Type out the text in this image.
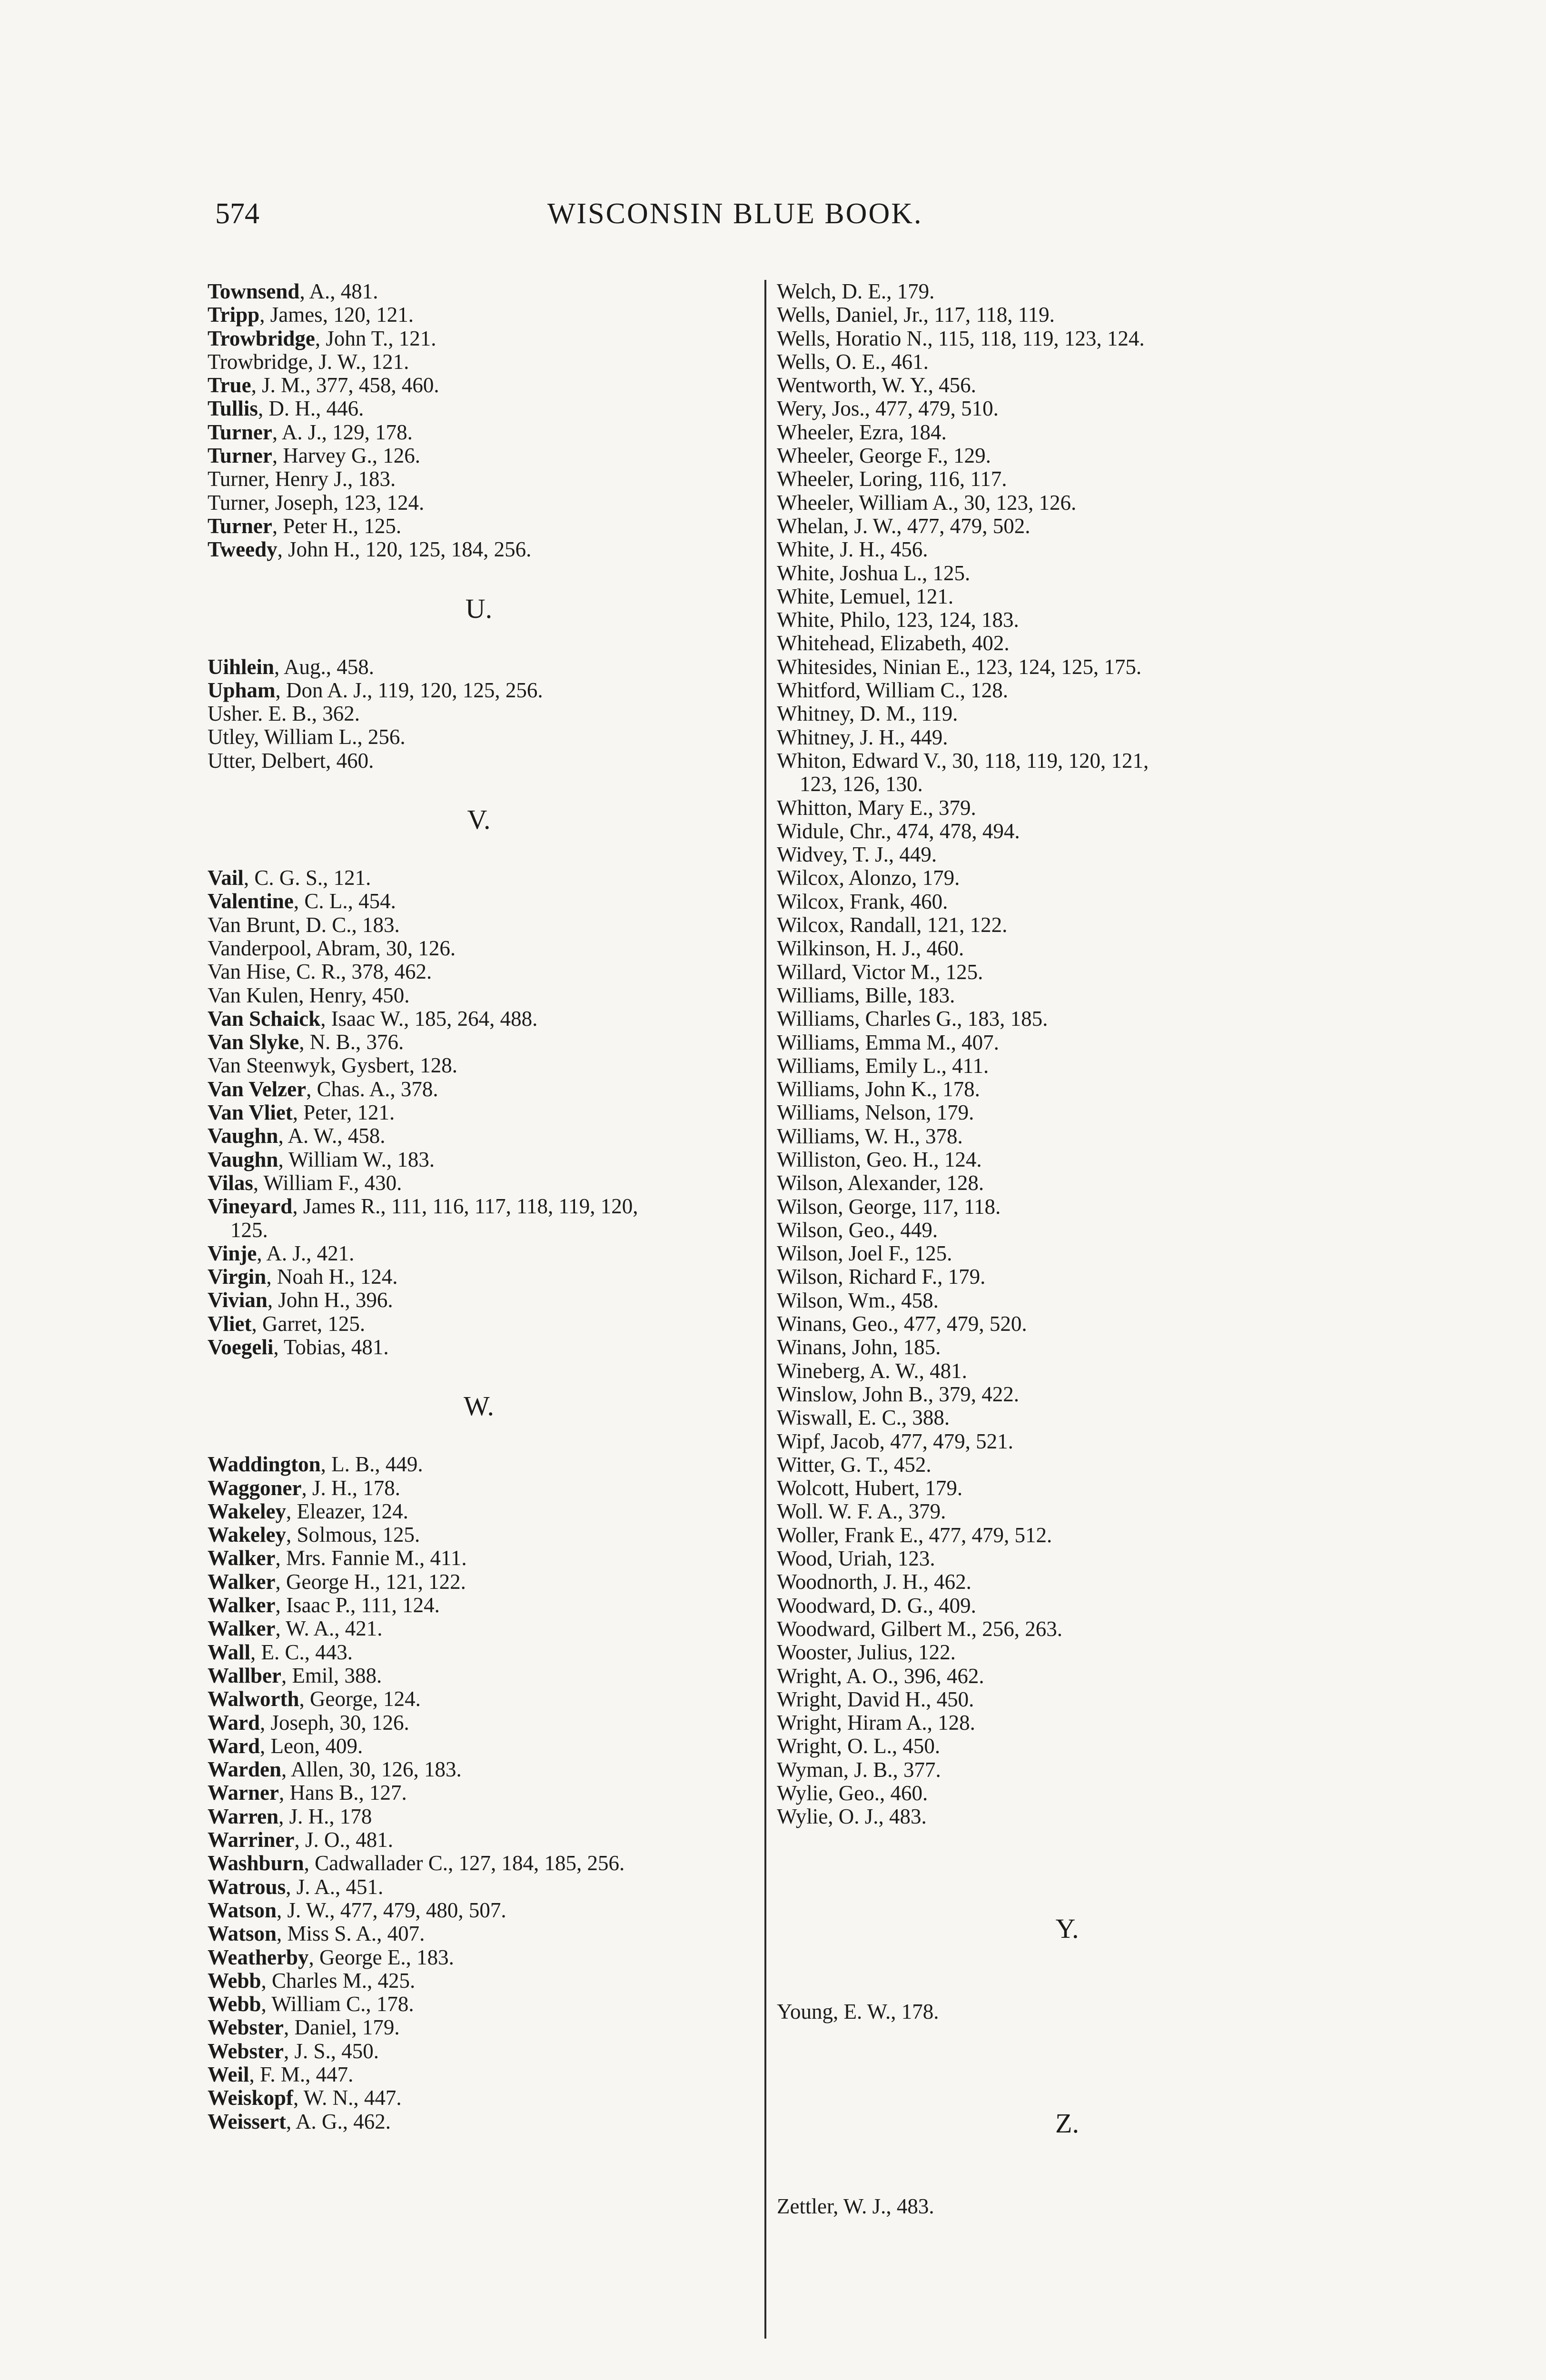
574	WISCONSIN BLUE BOOK.
Townsend, A., 481.
Tripp, James, 120, 121.
Trowbridge, John T., 121.
Trowbridge, J. W., 121.
True, J. M., 377, 458, 460.
Tullis, D. H., 446.
Turner, A. J., 129, 178.
Turner, Harvey G., 126.
Turner, Henry J., 183.
Turner, Joseph, 123, 124.
Turner, Peter H., 125.
Tweedy, John H., 120, 125, 184, 256.
U.
Uihlein, Aug., 458.
Upham, Don A. J., 119, 120, 125, 256.
Usher. E. B., 362.
Utley, William L., 256.
Utter, Delbert, 460.
V.
Vail, C. G. S., 121.
Valentine, C. L., 454.
Van Brunt, D. C., 183.
Vanderpool, Abram, 30, 126.
Van Hise, C. R., 378, 462.
Van Kulen, Henry, 450.
Van Schaick, Isaac W., 185, 264, 488.
Van Slyke, N. B., 376.
Van Steenwyk, Gysbert, 128.
Van Velzer, Chas. A., 378.
Van Vliet, Peter, 121.
Vaughn, A. W., 458.
Vaughn, William W., 183.
Vilas, William F., 430.
Vineyard, James R., 111, 116, 117, 118, 119, 120,
125.
Vinje, A. J., 421.
Virgin, Noah H., 124.
Vivian, John H., 396.
Vliet, Garret, 125.
Voegeli, Tobias, 481.
W.
Waddington, L. B., 449.
Waggoner, J. H., 178.
Wakeley, Eleazer, 124.
Wakeley, Solmous, 125.
Walker, Mrs. Fannie M., 411.
Walker, George H., 121, 122.
Walker, Isaac P., 111, 124.
Walker, W. A., 421.
Wall, E. C., 443.
Wallber, Emil, 388.
Walworth, George, 124.
Ward, Joseph, 30, 126.
Ward, Leon, 409.
Warden, Allen, 30, 126, 183.
Warner, Hans B., 127.
Warren, J. H., 178
Warriner, J. O., 481.
Washburn, Cadwallader C., 127, 184, 185, 256.
Watrous, J. A., 451.
Watson, J. W., 477, 479, 480, 507.
Watson, Miss S. A., 407.
Weatherby, George E., 183.
Webb, Charles M., 425.
Webb, William C., 178.
Webster, Daniel, 179.
Webster, J. S., 450.
Weil, F. M., 447.
Weiskopf, W. N., 447.
Weissert, A. G., 462.
Welch, D. E., 179.
Wells, Daniel, Jr., 117, 118, 119.
Wells, Horatio N., 115, 118, 119, 123, 124.
Wells, O. E., 461.
Wentworth, W. Y., 456.
Wery, Jos., 477, 479, 510.
Wheeler, Ezra, 184.
Wheeler, George F., 129.
Wheeler, Loring, 116, 117.
Wheeler, William A., 30, 123, 126.
Whelan, J. W., 477, 479, 502.
White, J. H., 456.
White, Joshua L., 125.
White, Lemuel, 121.
White, Philo, 123, 124, 183.
Whitehead, Elizabeth, 402.
Whitesides, Ninian E., 123, 124, 125, 175.
Whitford, William C., 128.
Whitney, D. M., 119.
Whitney, J. H., 449.
Whiton, Edward V., 30, 118, 119, 120, 121,
123, 126, 130.
Whitton, Mary E., 379.
Widule, Chr., 474, 478, 494.
Widvey, T. J., 449.
Wilcox, Alonzo, 179.
Wilcox, Frank, 460.
Wilcox, Randall, 121, 122.
Wilkinson, H. J., 460.
Willard, Victor M., 125.
Williams, Bille, 183.
Williams, Charles G., 183, 185.
Williams, Emma M., 407.
Williams, Emily L., 411.
Williams, John K., 178.
Williams, Nelson, 179.
Williams, W. H., 378.
Williston, Geo. H., 124.
Wilson, Alexander, 128.
Wilson, George, 117, 118.
Wilson, Geo., 449.
Wilson, Joel F., 125.
Wilson, Richard F., 179.
Wilson, Wm., 458.
Winans, Geo., 477, 479, 520.
Winans, John, 185.
Wineberg, A. W., 481.
Winslow, John B., 379, 422.
Wiswall, E. C., 388.
Wipf, Jacob, 477, 479, 521.
Witter, G. T., 452.
Wolcott, Hubert, 179.
Woll. W. F. A., 379.
Woller, Frank E., 477, 479, 512.
Wood, Uriah, 123.
Woodnorth, J. H., 462.
Woodward, D. G., 409.
Woodward, Gilbert M., 256, 263.
Wooster, Julius, 122.
Wright, A. O., 396, 462.
Wright, David H., 450.
Wright, Hiram A., 128.
Wright, O. L., 450.
Wyman, J. B., 377.
Wylie, Geo., 460.
Wylie, O. J., 483.
Y.
Young, E. W., 178.
Z.
Zettler, W. J., 483.
